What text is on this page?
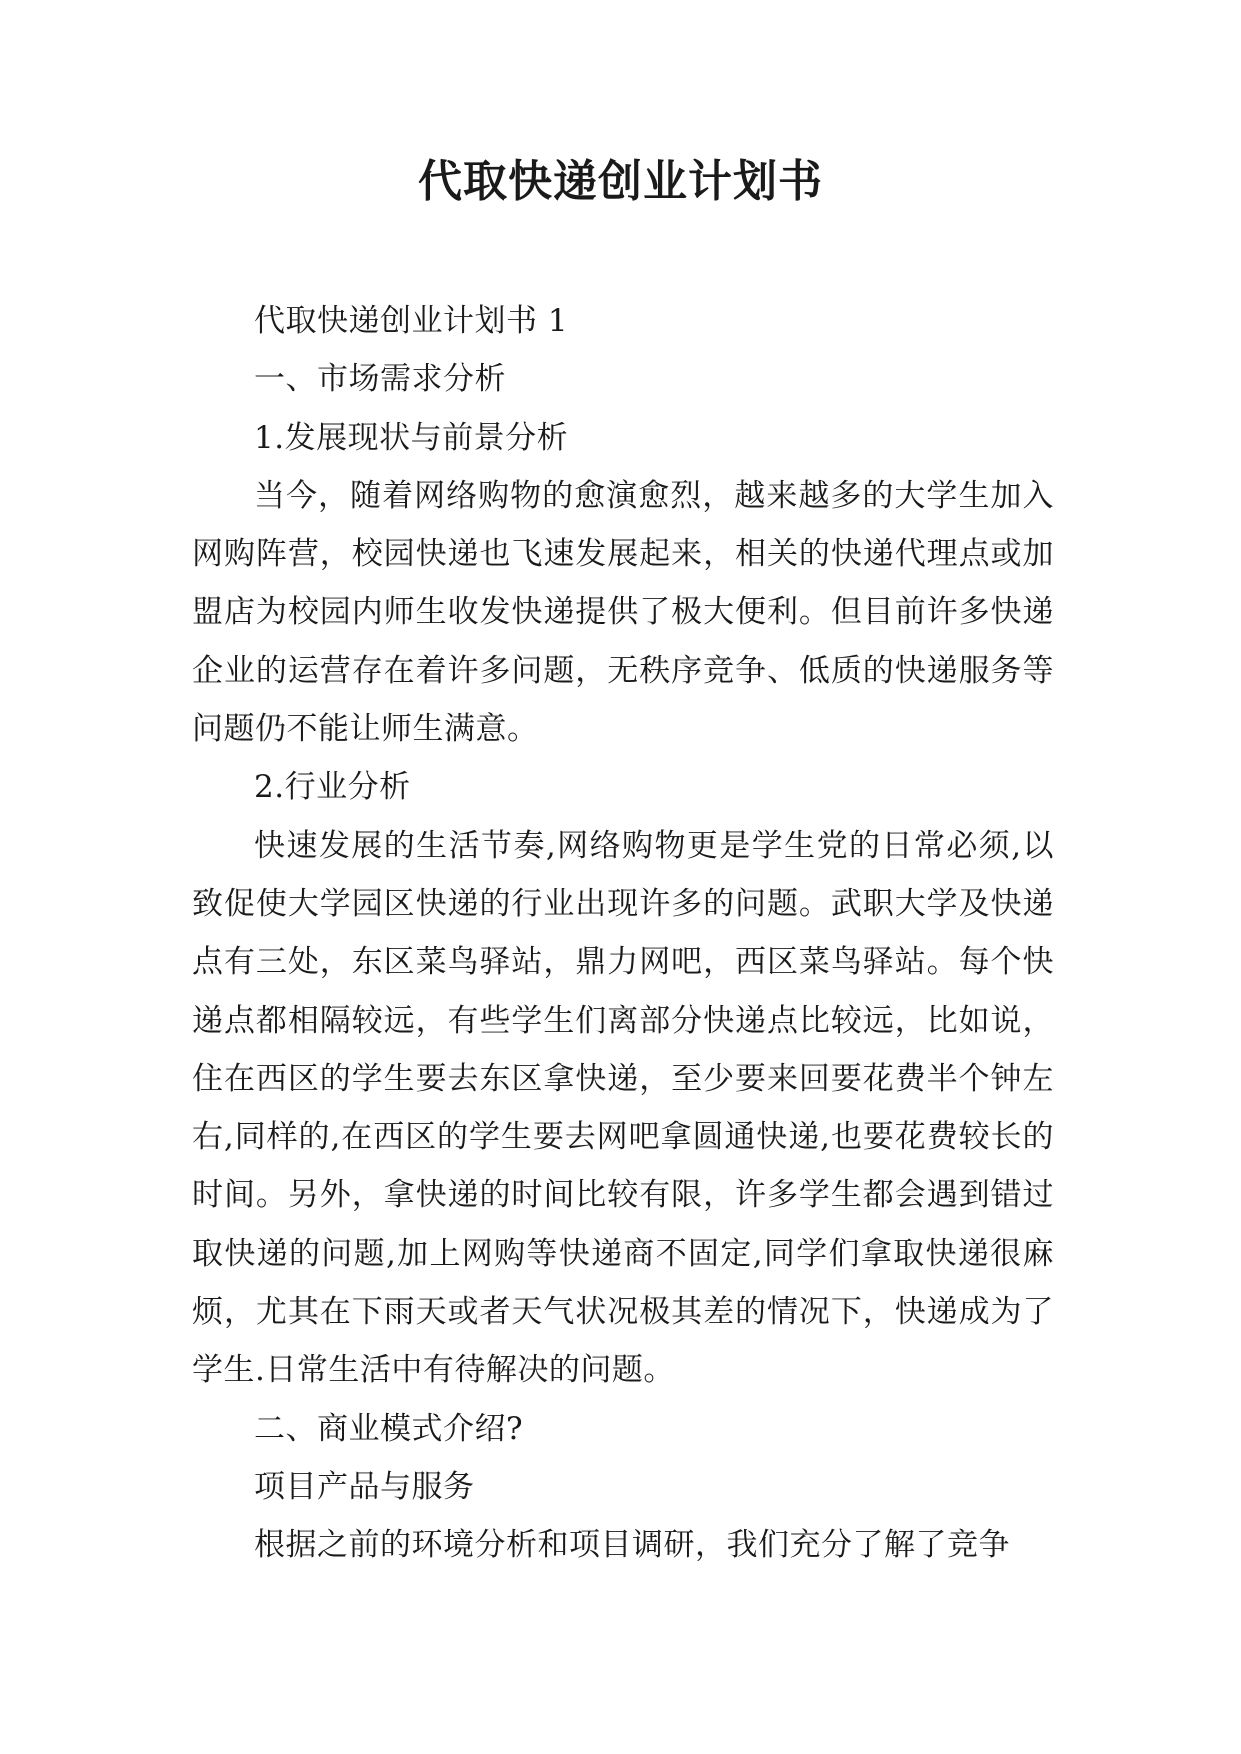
代取快递创业计划书

代取快递创业计划书 1

一、市场需求分析

1.发展现状与前景分析

当今，随着网络购物的愈演愈烈，越来越多的大学生加入网购阵营，校园快递也飞速发展起来，相关的快递代理点或加盟店为校园内师生收发快递提供了极大便利。但目前许多快递企业的运营存在着许多问题，无秩序竞争、低质的快递服务等问题仍不能让师生满意。

2.行业分析

快速发展的生活节奏,网络购物更是学生党的日常必须,以致促使大学园区快递的行业出现许多的问题。武职大学及快递点有三处，东区菜鸟驿站，鼎力网吧，西区菜鸟驿站。每个快递点都相隔较远，有些学生们离部分快递点比较远，比如说，住在西区的学生要去东区拿快递，至少要来回要花费半个钟左右,同样的,在西区的学生要去网吧拿圆通快递,也要花费较长的时间。另外，拿快递的时间比较有限，许多学生都会遇到错过取快递的问题,加上网购等快递商不固定,同学们拿取快递很麻烦，尤其在下雨天或者天气状况极其差的情况下，快递成为了学生.日常生活中有待解决的问题。

二、商业模式介绍?

项目产品与服务

根据之前的环境分析和项目调研，我们充分了解了竞争
